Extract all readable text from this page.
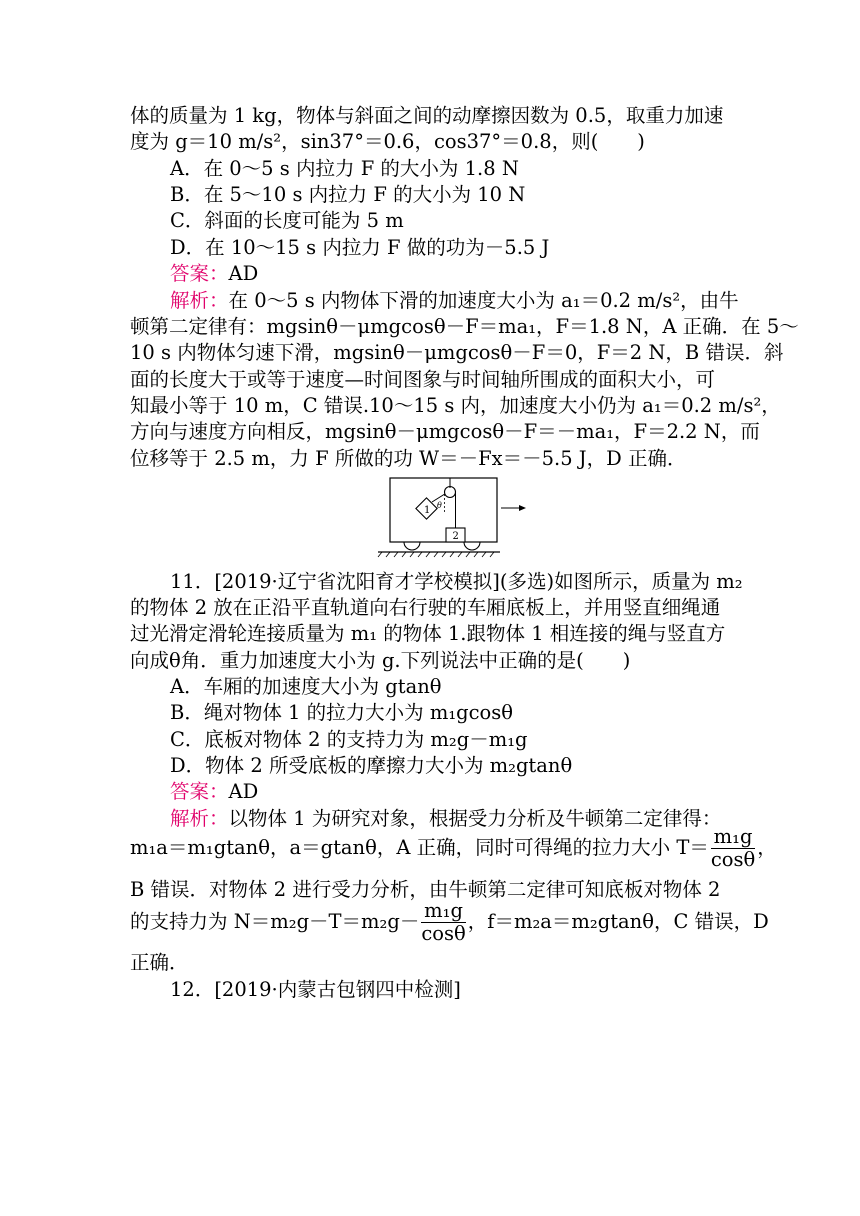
体的质量为 1 kg，物体与斜面之间的动摩擦因数为 0.5，取重力加速
度为 g＝10 m/s²，sin37°＝0.6，cos37°＝0.8，则(　　)
A．在 0～5 s 内拉力 F 的大小为 1.8 N
B．在 5～10 s 内拉力 F 的大小为 10 N
C．斜面的长度可能为 5 m
D．在 10～15 s 内拉力 F 做的功为－5.5 J
答案：AD
解析：在 0～5 s 内物体下滑的加速度大小为 a₁＝0.2 m/s²，由牛
顿第二定律有：mgsinθ－μmgcosθ－F＝ma₁，F＝1.8 N，A 正确．在 5～
10 s 内物体匀速下滑，mgsinθ－μmgcosθ－F＝0，F＝2 N，B 错误．斜
面的长度大于或等于速度—时间图象与时间轴所围成的面积大小，可
知最小等于 10 m，C 错误.10～15 s 内，加速度大小仍为 a₁＝0.2 m/s²，
方向与速度方向相反，mgsinθ－μmgcosθ－F＝－ma₁，F＝2.2 N，而
位移等于 2.5 m，力 F 所做的功 W＝－Fx＝－5.5 J，D 正确．
θ
1
2
11．[2019·辽宁省沈阳育才学校模拟](多选)如图所示，质量为 m₂
的物体 2 放在正沿平直轨道向右行驶的车厢底板上，并用竖直细绳通
过光滑定滑轮连接质量为 m₁ 的物体 1.跟物体 1 相连接的绳与竖直方
向成θ角．重力加速度大小为 g.下列说法中正确的是(　　)
A．车厢的加速度大小为 gtanθ
B．绳对物体 1 的拉力大小为 m₁gcosθ
C．底板对物体 2 的支持力为 m₂g－m₁g
D．物体 2 所受底板的摩擦力大小为 m₂gtanθ
答案：AD
解析：以物体 1 为研究对象，根据受力分析及牛顿第二定律得：
m₁a＝m₁gtanθ，a＝gtanθ，A 正确，同时可得绳的拉力大小 $T= \frac{\text{m₁g}}{\cos\theta}$ ，
B 错误．对物体 2 进行受力分析，由牛顿第二定律可知底板对物体 2
的支持力为 $N=m_2g-T=m_2g- \frac{\text{m₁g}}{\cos\theta}$ ，f＝m₂a＝m₂gtanθ，C 错误，D
正确．
12．[2019·内蒙古包钢四中检测]
